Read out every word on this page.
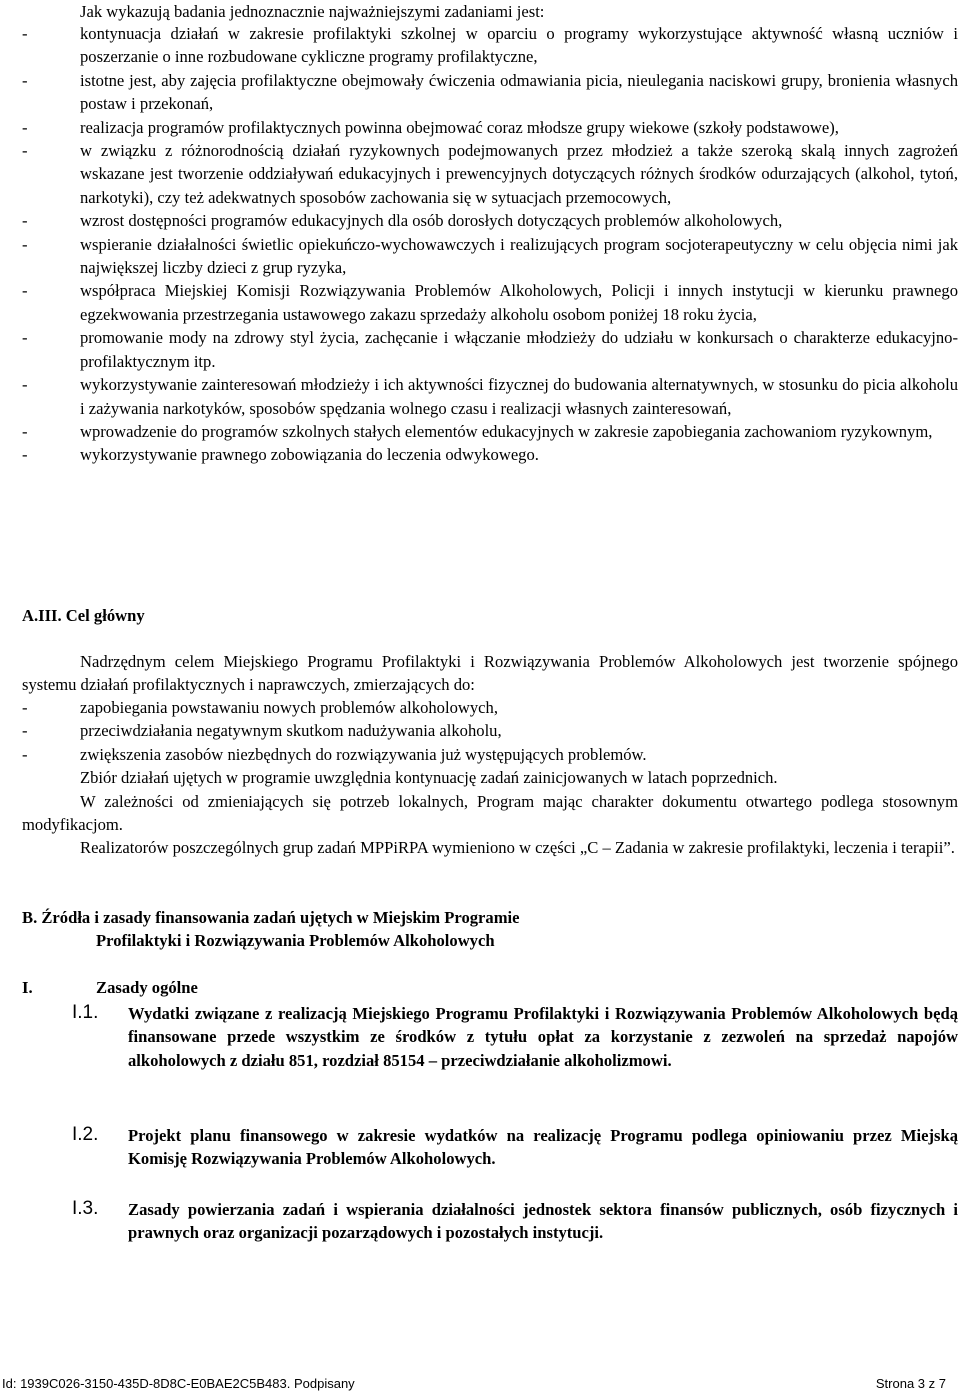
Jak wykazują badania jednoznacznie najważniejszymi zadaniami jest:
-	kontynuacja działań w zakresie profilaktyki szkolnej w oparciu o programy wykorzystujące aktywność własną uczniów i poszerzanie o inne rozbudowane cykliczne programy profilaktyczne,
-	istotne jest, aby zajęcia profilaktyczne obejmowały ćwiczenia odmawiania picia, nieulegania naciskowi grupy, bronienia własnych postaw i przekonań,
-	realizacja programów profilaktycznych powinna obejmować coraz młodsze grupy wiekowe (szkoły podstawowe),
-	w związku z różnorodnością działań ryzykownych podejmowanych przez młodzież a także szeroką skalą innych zagrożeń wskazane jest tworzenie oddziaływań edukacyjnych i prewencyjnych dotyczących różnych środków odurzających (alkohol, tytoń, narkotyki), czy też adekwatnych sposobów zachowania się w sytuacjach przemocowych,
-	wzrost dostępności programów edukacyjnych dla osób dorosłych dotyczących problemów alkoholowych,
-	wspieranie działalności świetlic opiekuńczo-wychowawczych i realizujących program socjoterapeutyczny w celu objęcia nimi jak największej liczby dzieci z grup ryzyka,
-	współpraca Miejskiej Komisji Rozwiązywania Problemów Alkoholowych, Policji i innych instytucji w kierunku prawnego egzekwowania przestrzegania ustawowego zakazu sprzedaży alkoholu osobom poniżej 18 roku życia,
-	promowanie mody na zdrowy styl życia, zachęcanie i włączanie młodzieży do udziału w konkursach o charakterze edukacyjno-profilaktycznym itp.
-	wykorzystywanie zainteresowań młodzieży i ich aktywności fizycznej do budowania alternatywnych, w stosunku do picia alkoholu i zażywania narkotyków, sposobów spędzania wolnego czasu i realizacji własnych zainteresowań,
-	wprowadzenie do programów szkolnych stałych elementów edukacyjnych w zakresie zapobiegania zachowaniom ryzykownym,
-	wykorzystywanie prawnego zobowiązania do leczenia odwykowego.
A.III. Cel główny
Nadrzędnym celem Miejskiego Programu Profilaktyki i Rozwiązywania Problemów Alkoholowych jest tworzenie spójnego systemu działań profilaktycznych i naprawczych, zmierzających do:
-	zapobiegania powstawaniu nowych problemów alkoholowych,
-	przeciwdziałania negatywnym skutkom nadużywania alkoholu,
-	zwiększenia zasobów niezbędnych do rozwiązywania już występujących problemów.
Zbiór działań ujętych w programie uwzględnia kontynuację zadań zainicjowanych w latach poprzednich.
W zależności od zmieniających się potrzeb lokalnych, Program mając charakter dokumentu otwartego podlega stosownym modyfikacjom.
Realizatorów poszczególnych grup zadań MPPiRPA wymieniono w części „C – Zadania w zakresie profilaktyki, leczenia i terapii”.
B. Źródła i zasady finansowania zadań ujętych w Miejskim Programie
Profilaktyki i Rozwiązywania Problemów Alkoholowych
I.	Zasady ogólne
I.1. Wydatki związane z realizacją Miejskiego Programu Profilaktyki i Rozwiązywania Problemów Alkoholowych będą finansowane przede wszystkim ze środków z tytułu opłat za korzystanie z zezwoleń na sprzedaż napojów alkoholowych z działu 851, rozdział 85154 – przeciwdziałanie alkoholizmowi.
I.2. Projekt planu finansowego w zakresie wydatków na realizację Programu podlega opiniowaniu przez Miejską Komisję Rozwiązywania Problemów Alkoholowych.
I.3. Zasady powierzania zadań i wspierania działalności jednostek sektora finansów publicznych, osób fizycznych i prawnych oraz organizacji pozarządowych i pozostałych instytucji.
Id: 1939C026-3150-435D-8D8C-E0BAE2C5B483. Podpisany	Strona 3 z 7
